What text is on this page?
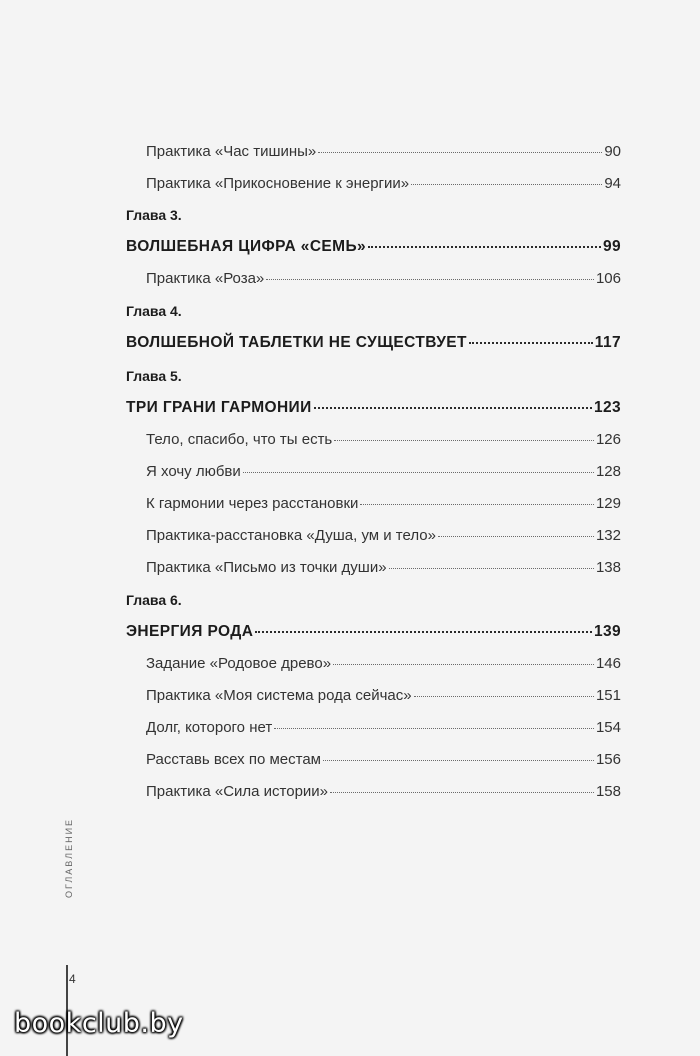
Практика «Час тишины»	90
Практика «Прикосновение к энергии»	94
Глава 3.
ВОЛШЕБНАЯ ЦИФРА «СЕМЬ»	99
Практика «Роза»	106
Глава 4.
ВОЛШЕБНОЙ ТАБЛЕТКИ НЕ СУЩЕСТВУЕТ	117
Глава 5.
ТРИ ГРАНИ ГАРМОНИИ	123
Тело, спасибо, что ты есть	126
Я хочу любви	128
К гармонии через расстановки	129
Практика-расстановка «Душа, ум и тело»	132
Практика «Письмо из точки души»	138
Глава 6.
ЭНЕРГИЯ РОДА	139
Задание «Родовое древо»	146
Практика «Моя система рода сейчас»	151
Долг, которого нет	154
Расставь всех по местам	156
Практика «Сила истории»	158
ОГЛАВЛЕНИЕ
4
bookclub.by
